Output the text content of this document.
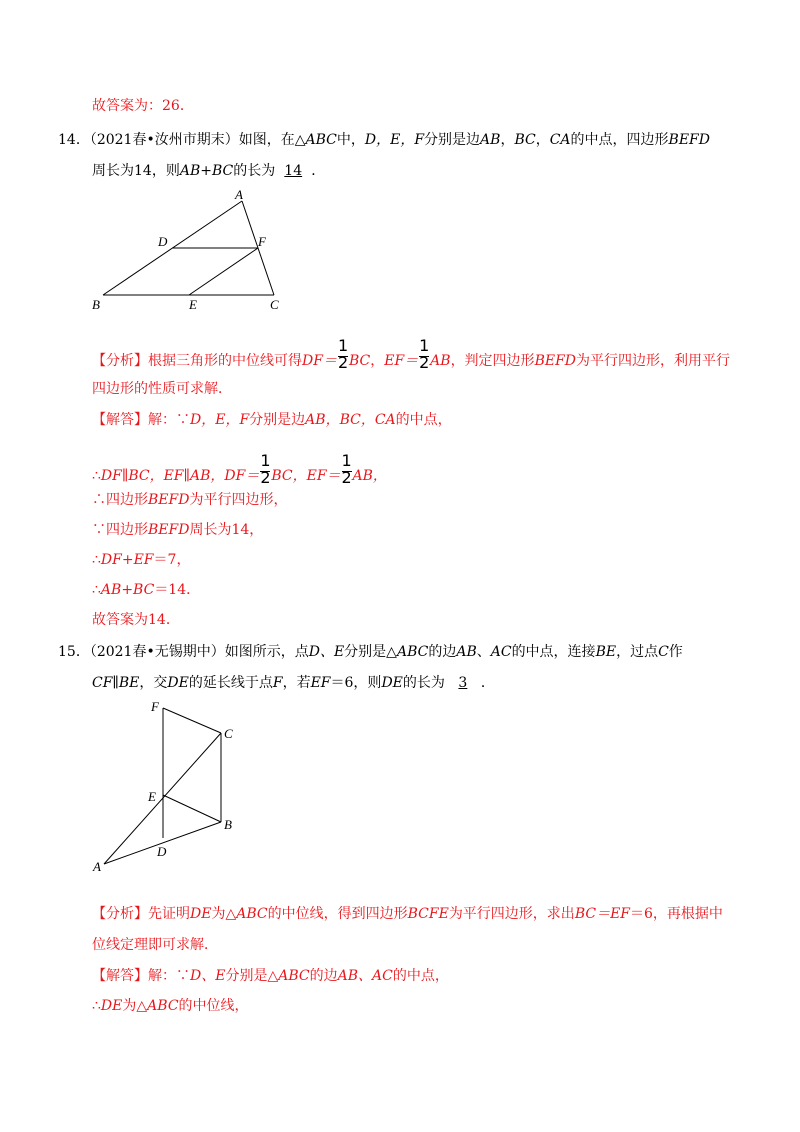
故答案为：26．
14．（2021春•汝州市期末）如图，在△ABC中，D，E，F分别是边AB，BC，CA的中点，四边形BEFD
周长为14，则AB+BC的长为 14 ．
A
B	C
D
E
F
【分析】根据三角形的中位线可得$DF= \frac{1}{2}$ BC，$EF= \frac{1}{2}$ AB，判定四边形BEFD为平行四边形，利用平行
四边形的性质可求解．
【解答】解：∵D，E，F分别是边AB，BC，CA的中点，
∴DF∥BC，EF∥AB，$DF= \frac{1}{2}$ BC，$EF= \frac{1}{2}$ AB，
∴四边形BEFD为平行四边形，
∵四边形BEFD周长为14，
∴DF+EF＝7，
∴AB+BC＝14．
故答案为14．
15．（2021春•无锡期中）如图所示，点D、E分别是△ABC的边AB、AC的中点，连接BE，过点C作
CF∥BE，交DE的延长线于点F，若EF＝6，则DE的长为 3 ．
F
C
E
B
D
A
【分析】先证明DE为△ABC的中位线，得到四边形BCFE为平行四边形，求出BC＝EF＝6，再根据中
位线定理即可求解．
【解答】解：∵D、E分别是△ABC的边AB、AC的中点，
∴DE为△ABC的中位线，
